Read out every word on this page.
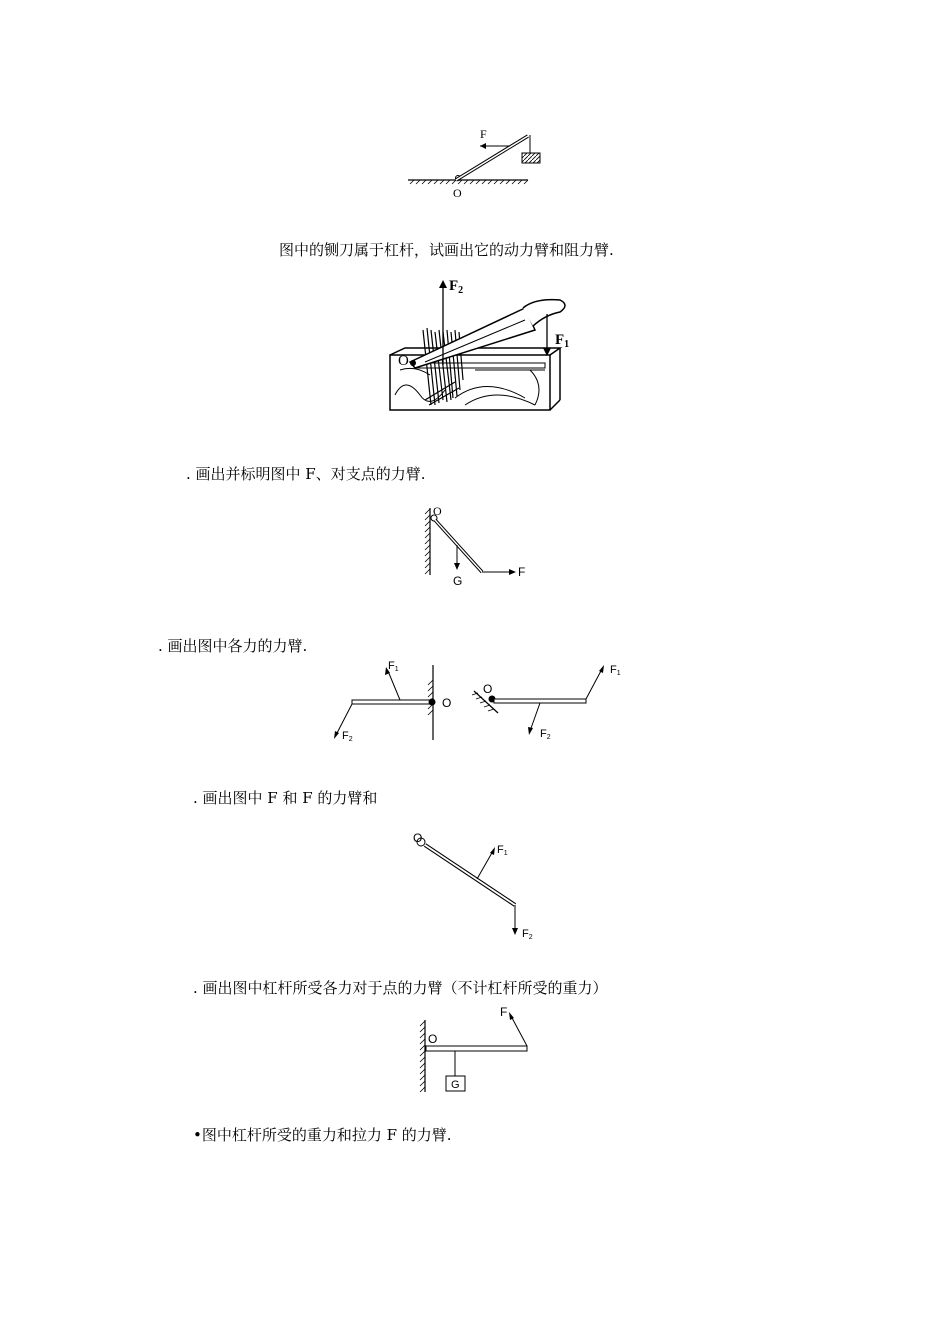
F
O
图中的铡刀属于杠杆，试画出它的动力臂和阻力臂.
$F_2$
$F_1$
O
. 画出并标明图中 F、对支点的力臂.
O
G
F
. 画出图中各力的力臂.
F1
F2
O
F1
F2
O
. 画出图中 F 和 F 的力臂和
O
F1
F2
. 画出图中杠杆所受各力对于点的力臂（不计杠杆所受的重力）
G
F
O
•图中杠杆所受的重力和拉力 F 的力臂.
